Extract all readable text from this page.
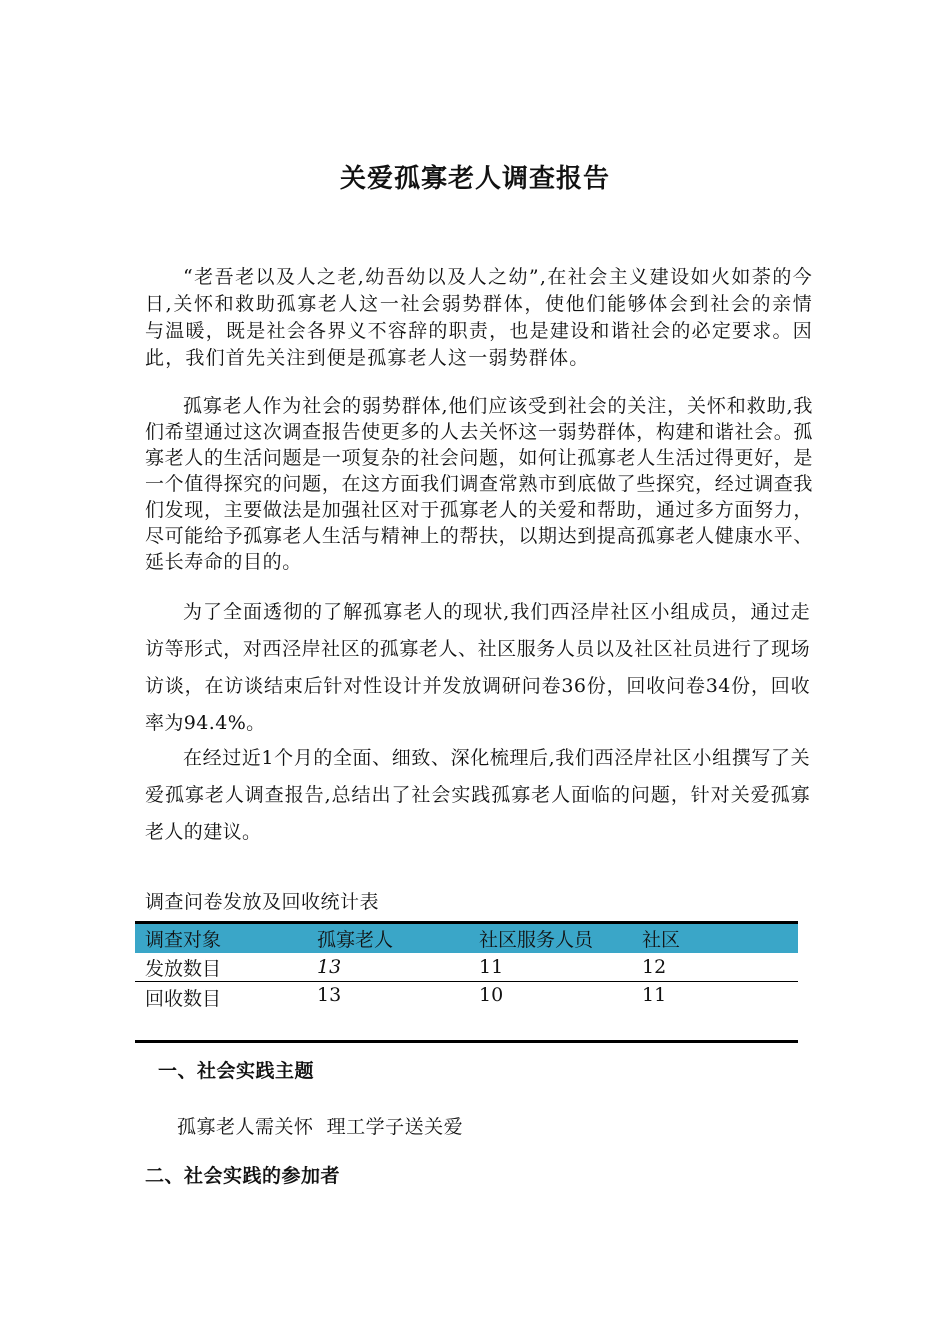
关爱孤寡老人调查报告

“老吾老以及人之老,幼吾幼以及人之幼”,在社会主义建设如火如荼的今日,关怀和救助孤寡老人这一社会弱势群体，使他们能够体会到社会的亲情与温暖，既是社会各界义不容辞的职责，也是建设和谐社会的必定要求。因此，我们首先关注到便是孤寡老人这一弱势群体。

孤寡老人作为社会的弱势群体,他们应该受到社会的关注，关怀和救助,我们希望通过这次调查报告使更多的人去关怀这一弱势群体，构建和谐社会。孤寡老人的生活问题是一项复杂的社会问题，如何让孤寡老人生活过得更好，是一个值得探究的问题，在这方面我们调查常熟市到底做了些探究，经过调查我们发现，主要做法是加强社区对于孤寡老人的关爱和帮助，通过多方面努力，尽可能给予孤寡老人生活与精神上的帮扶，以期达到提高孤寡老人健康水平、延长寿命的目的。

为了全面透彻的了解孤寡老人的现状,我们西泾岸社区小组成员，通过走访等形式，对西泾岸社区的孤寡老人、社区服务人员以及社区社员进行了现场访谈，在访谈结束后针对性设计并发放调研问卷36份，回收问卷34份，回收率为94.4%。

在经过近1个月的全面、细致、深化梳理后,我们西泾岸社区小组撰写了关爱孤寡老人调查报告,总结出了社会实践孤寡老人面临的问题，针对关爱孤寡老人的建议。

调查问卷发放及回收统计表
调查对象	孤寡老人	社区服务人员	社区
发放数目	13	11	12
回收数目	13	10	11

一、社会实践主题
孤寡老人需关怀  理工学子送关爱
二、社会实践的参加者
